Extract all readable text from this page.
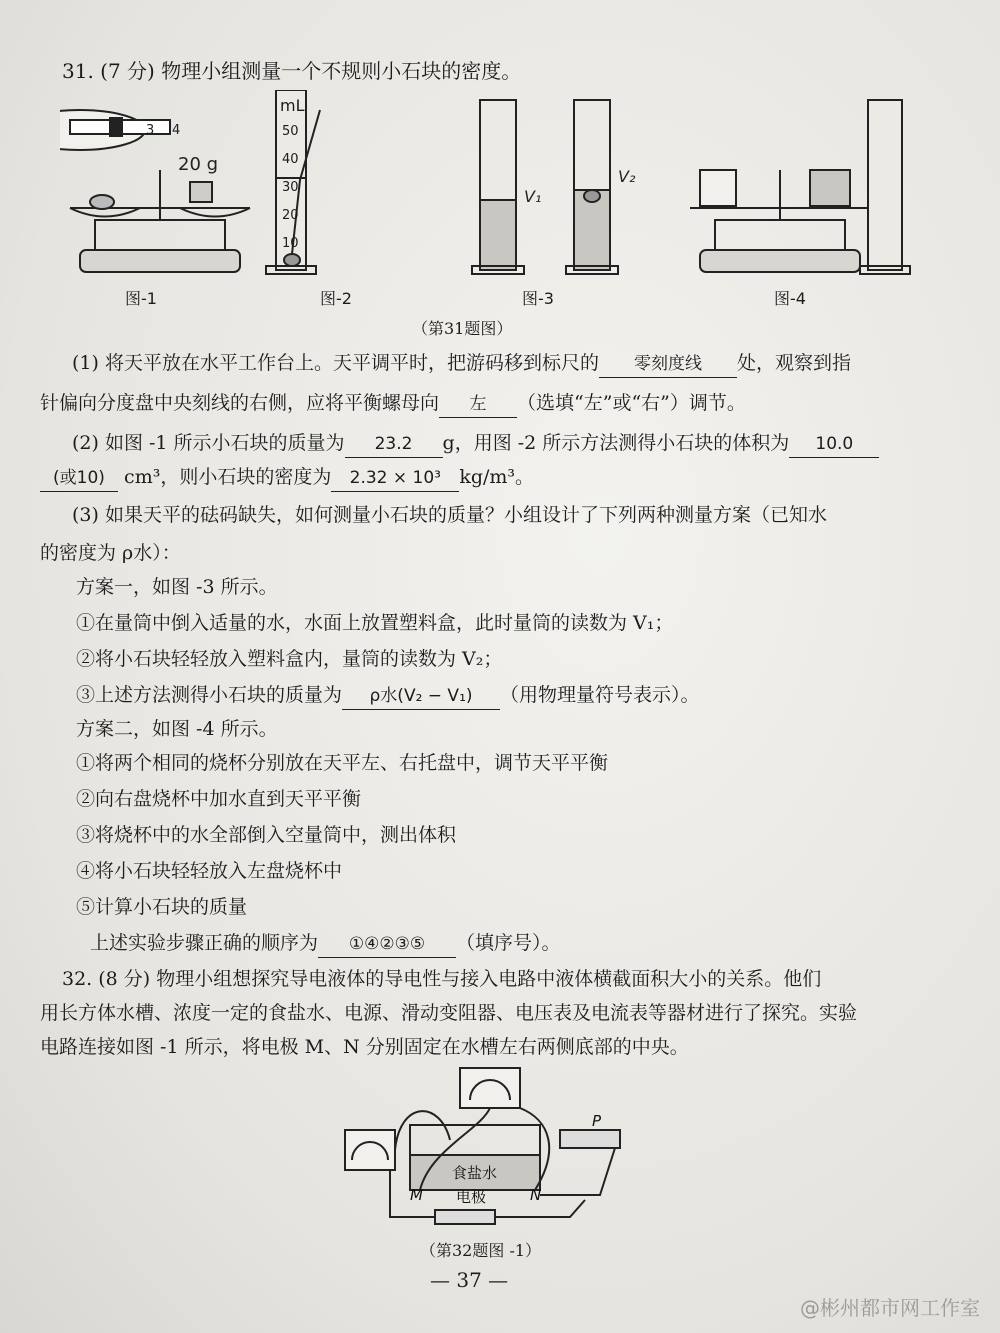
31. (7 分) 物理小组测量一个不规则小石块的密度。
2 3 4
20 g
V₁
V₂
mL
50
40
30
20
10
图-1	图-2	图-3	图-4
（第31题图）
(1) 将天平放在水平工作台上。天平调平时，把游码移到标尺的 零刻度线 处，观察到指
针偏向分度盘中央刻线的右侧，应将平衡螺母向 左 （选填“左”或“右”）调节。
(2) 如图 -1 所示小石块的质量为 23.2 g，用图 -2 所示方法测得小石块的体积为 10.0
(或10) cm³，则小石块的密度为 2.32 × 10³ kg/m³。
(3) 如果天平的砝码缺失，如何测量小石块的质量？小组设计了下列两种测量方案（已知水
的密度为 ρ水）：
方案一，如图 -3 所示。
①在量筒中倒入适量的水，水面上放置塑料盒，此时量筒的读数为 V₁；
②将小石块轻轻放入塑料盒内，量筒的读数为 V₂；
③上述方法测得小石块的质量为 ρ水(V₂ − V₁) （用物理量符号表示）。
方案二，如图 -4 所示。
①将两个相同的烧杯分别放在天平左、右托盘中，调节天平平衡
②向右盘烧杯中加水直到天平平衡
③将烧杯中的水全部倒入空量筒中，测出体积
④将小石块轻轻放入左盘烧杯中
⑤计算小石块的质量
上述实验步骤正确的顺序为 ①④②③⑤ （填序号）。
32. (8 分) 物理小组想探究导电液体的导电性与接入电路中液体横截面积大小的关系。他们
用长方体水槽、浓度一定的食盐水、电源、滑动变阻器、电压表及电流表等器材进行了探究。实验
电路连接如图 -1 所示，将电极 M、N 分别固定在水槽左右两侧底部的中央。
食盐水
电极
M	N
P
（第32题图 -1）
— 37 —
@彬州都市网工作室
